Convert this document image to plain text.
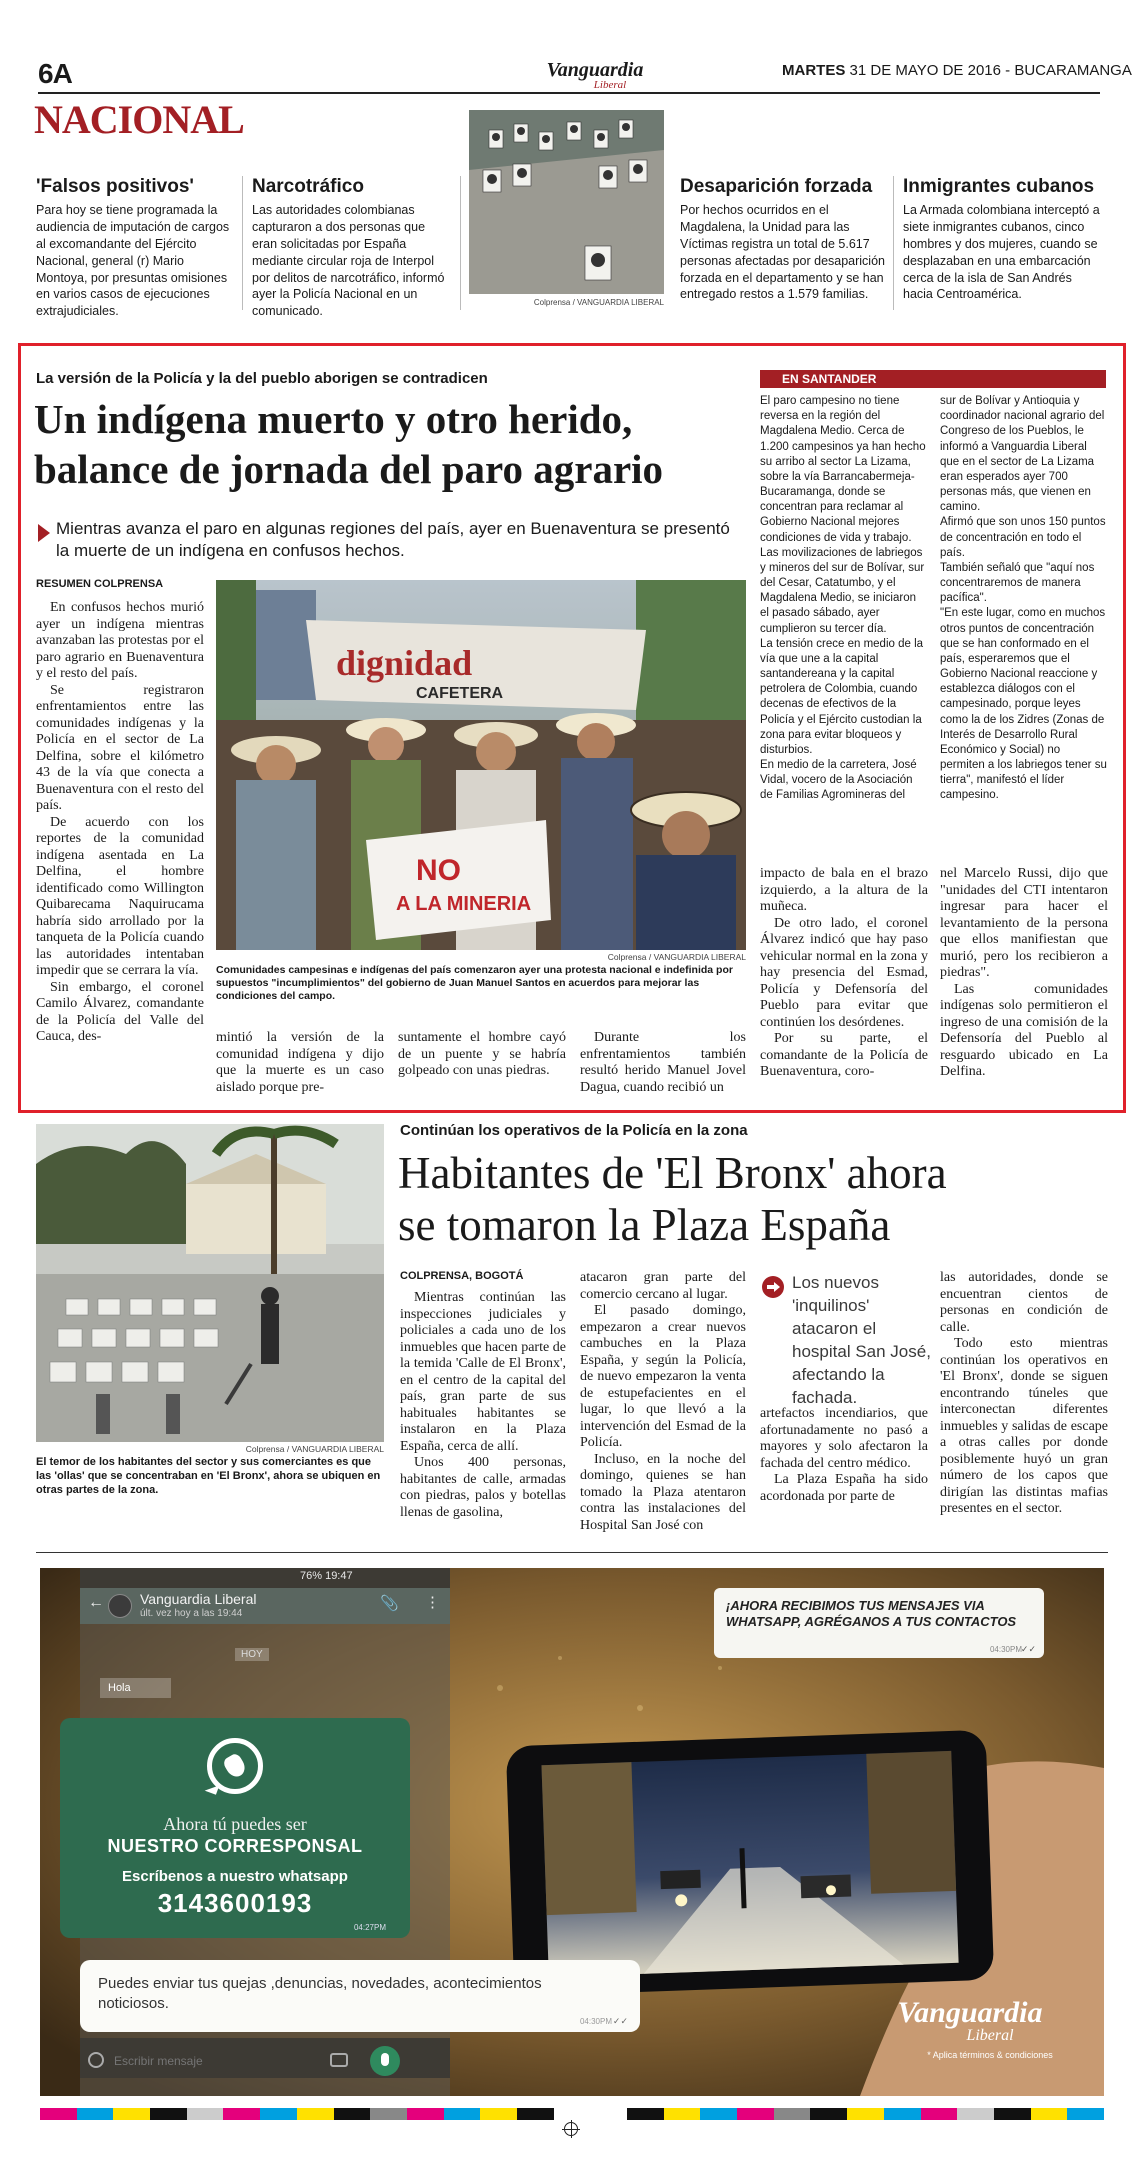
6A	Vanguardia
Liberal
MARTES 31 DE MAYO DE 2016 - BUCARAMANGA
NACIONAL
'Falsos positivos'
Para hoy se tiene programada la audiencia de imputación de cargos al excomandante del Ejército Nacional, general (r) Mario Montoya, por presuntas omisiones en varios casos de ejecuciones extrajudiciales.
Narcotráfico
Las autoridades colombianas capturaron a dos personas que eran solicitadas por España mediante circular roja de Interpol por delitos de narcotráfico, informó ayer la Policía Nacional en un comunicado.
Colprensa / VANGUARDIA LIBERAL
Desaparición forzada
Por hechos ocurridos en el Magdalena, la Unidad para las Víctimas registra un total de 5.617 personas afectadas por desaparición forzada en el departamento y se han entregado restos a 1.579 familias.
Inmigrantes cubanos
La Armada colombiana interceptó a siete inmigrantes cubanos, cinco hombres y dos mujeres, cuando se desplazaban en una embarcación cerca de la isla de San Andrés hacia Centroamérica.
La versión de la Policía y la del pueblo aborigen se contradicen
Un indígena muerto y otro herido,
balance de jornada del paro agrario
Mientras avanza el paro en algunas regiones del país, ayer en Buenaventura se presentó la muerte de un indígena en confusos hechos.
RESUMEN COLPRENSA
En confusos hechos murió ayer un indígena mientras avanzaban las protestas por el paro agrario en Buenaventura y el resto del país.
Se registraron enfrentamientos entre las comunidades indígenas y la Policía en el sector de La Delfina, sobre el kilómetro 43 de la vía que conecta a Buenaventura con el resto del país.
De acuerdo con los reportes de la comunidad indígena asentada en La Delfina, el hombre identificado como Willington Quibarecama Naquirucama habría sido arrollado por la tanqueta de la Policía cuando las autoridades intentaban impedir que se cerrara la vía.
Sin embargo, el coronel Camilo Álvarez, comandante de la Policía del Valle del Cauca, des-
dignidad
CAFETERA
NO
A LA MINERIA
Colprensa / VANGUARDIA LIBERAL
Comunidades campesinas e indígenas del país comenzaron ayer una protesta nacional e indefinida por supuestos "incumplimientos" del gobierno de Juan Manuel Santos en acuerdos para mejorar las condiciones del campo.
mintió la versión de la comunidad indígena y dijo que la muerte es un caso aislado porque pre-
suntamente el hombre cayó de un puente y se habría golpeado con unas piedras.
Durante los enfrentamientos también resultó herido Manuel Jovel Dagua, cuando recibió un
impacto de bala en el brazo izquierdo, a la altura de la muñeca.
De otro lado, el coronel Álvarez indicó que hay paso vehicular normal en la zona y hay presencia del Esmad, Policía y Defensoría del Pueblo para evitar que continúen los desórdenes.
Por su parte, el comandante de la Policía de Buenaventura, coro-
nel Marcelo Russi, dijo que "unidades del CTI intentaron ingresar para hacer el levantamiento de la persona que ellos manifiestan que murió, pero los recibieron a piedras".
Las comunidades indígenas solo permitieron el ingreso de una comisión de la Defensoría del Pueblo al resguardo ubicado en La Delfina.
EN SANTANDER
El paro campesino no tiene reversa en la región del Magdalena Medio. Cerca de 1.200 campesinos ya han hecho su arribo al sector La Lizama, sobre la vía Barrancabermeja-Bucaramanga, donde se concentran para reclamar al Gobierno Nacional mejores condiciones de vida y trabajo.
Las movilizaciones de labriegos y mineros del sur de Bolívar, sur del Cesar, Catatumbo, y el Magdalena Medio, se iniciaron el pasado sábado, ayer cumplieron su tercer día.
La tensión crece en medio de la vía que une a la capital santandereana y la capital petrolera de Colombia, cuando decenas de efectivos de la Policía y el Ejército custodian la zona para evitar bloqueos y disturbios.
En medio de la carretera, José Vidal, vocero de la Asociación de Familias Agromineras del
sur de Bolívar y Antioquia y coordinador nacional agrario del Congreso de los Pueblos, le informó a Vanguardia Liberal que en el sector de La Lizama eran esperados ayer 700 personas más, que vienen en camino.
Afirmó que son unos 150 puntos de concentración en todo el país.
También señaló que "aquí nos concentraremos de manera pacífica".
"En este lugar, como en muchos otros puntos de concentración que se han conformado en el país, esperaremos que el Gobierno Nacional reaccione y establezca diálogos con el campesinado, porque leyes como la de los Zidres (Zonas de Interés de Desarrollo Rural Económico y Social) no permiten a los labriegos tener su tierra", manifestó el líder campesino.
Continúan los operativos de la Policía en la zona
Habitantes de 'El Bronx' ahora
se tomaron la Plaza España
Colprensa / VANGUARDIA LIBERAL
El temor de los habitantes del sector y sus comerciantes es que las 'ollas' que se concentraban en 'El Bronx', ahora se ubiquen en otras partes de la zona.
COLPRENSA, BOGOTÁ
Mientras continúan las inspecciones judiciales y policiales a cada uno de los inmuebles que hacen parte de la temida 'Calle de El Bronx', en el centro de la capital del país, gran parte de sus habituales habitantes se instalaron en la Plaza España, cerca de allí.
Unos 400 personas, habitantes de calle, armadas con piedras, palos y botellas llenas de gasolina,
atacaron gran parte del comercio cercano al lugar.
El pasado domingo, empezaron a crear nuevos cambuches en la Plaza España, y según la Policía, de nuevo empezaron la venta de estupefacientes en el lugar, lo que llevó a la intervención del Esmad de la Policía.
Incluso, en la noche del domingo, quienes se han tomado la Plaza atentaron contra las instalaciones del Hospital San José con
Los nuevos 'inquilinos' atacaron el hospital San José, afectando la fachada.
artefactos incendiarios, que afortunadamente no pasó a mayores y solo afectaron la fachada del centro médico.
La Plaza España ha sido acordonada por parte de
las autoridades, donde se encuentran cientos de personas en condición de calle.
Todo esto mientras continúan los operativos en 'El Bronx', donde se siguen encontrando túneles que interconectan diferentes inmuebles y salidas de escape a otras calles por donde posiblemente huyó un gran número de los capos que dirigían las distintas mafias presentes en el sector.
76% 19:47
←	Vanguardia Liberal
últ. vez hoy a las 19:44
📎 ⋮
HOY
Hola
¡AHORA RECIBIMOS TUS MENSAJES VIA WHATSAPP, AGRÉGANOS A TUS CONTACTOS
04:30PM
✓✓
Ahora tú puedes ser
NUESTRO CORRESPONSAL
Escríbenos a nuestro whatsapp
3143600193
04:27PM
Puedes enviar tus quejas ,denuncias, novedades, acontecimientos noticiosos.
04:30PM ✓✓
Escribir mensaje	Vanguardia
Liberal
* Aplica términos & condiciones
